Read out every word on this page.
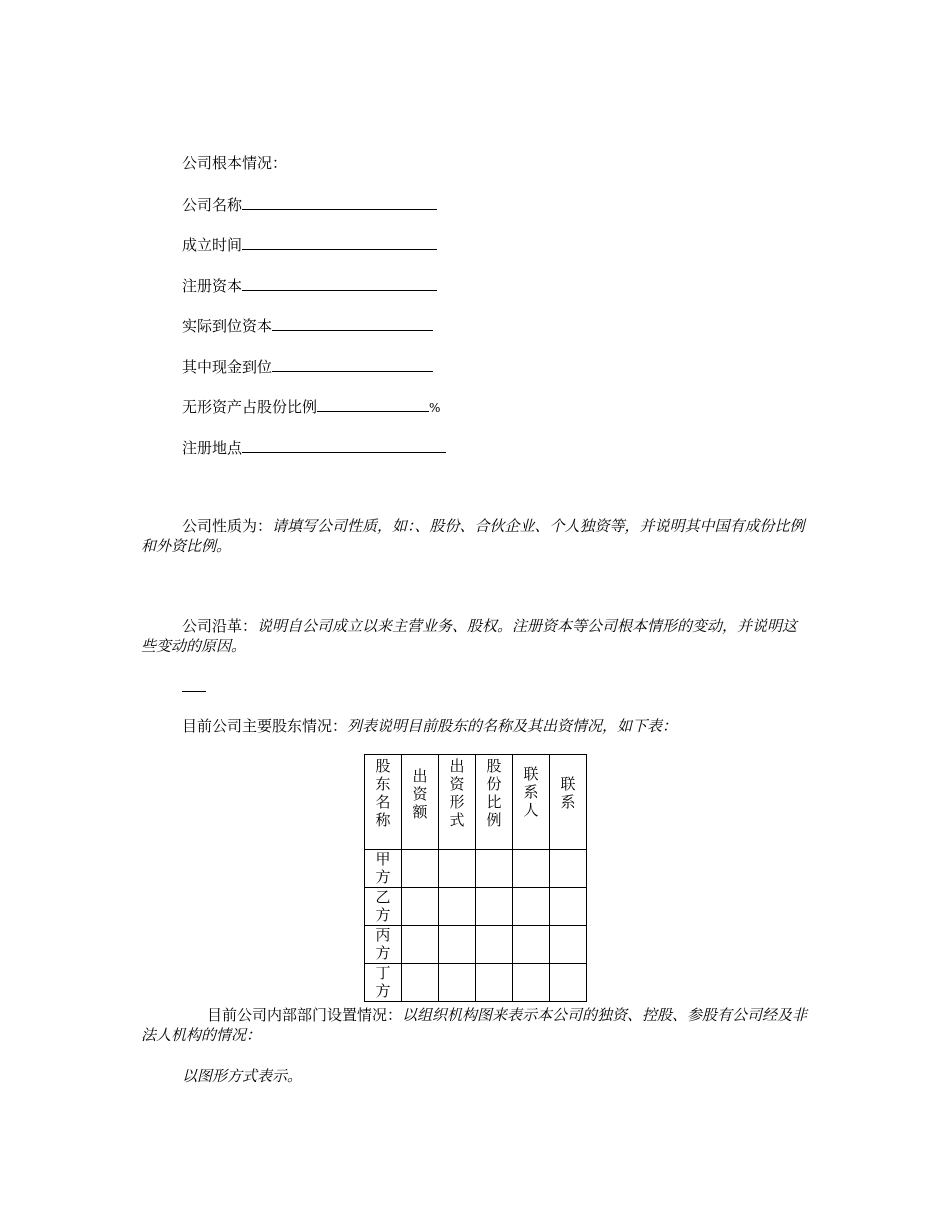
公司根本情况：
公司名称
成立时间
注册资本
实际到位资本
其中现金到位
无形资产占股份比例	%
注册地点
公司性质为：请填写公司性质，如：、股份、合伙企业、个人独资等，并说明其中国有成份比例和外资比例。
公司沿革：说明自公司成立以来主营业务、股权。注册资本等公司根本情形的变动，并说明这些变动的原因。
目前公司主要股东情况：列表说明目前股东的名称及其出资情况，如下表：
股东名称	出资额	出资形式	股份比例	联系人	联系
甲方					
乙方					
丙方					
丁方					
目前公司内部部门设置情况：以组织机构图来表示本公司的独资、控股、参股有公司经及非法人机构的情况：
以图形方式表示。
